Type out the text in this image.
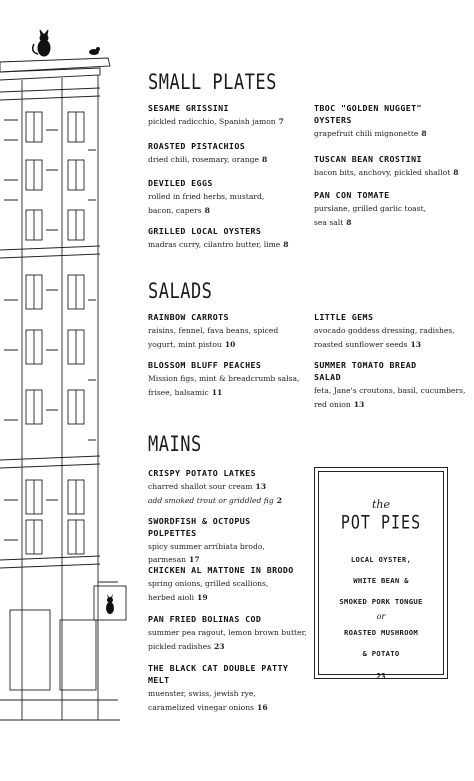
SMALL PLATES
SESAME GRISSINI
pickled radicchio, Spanish jamon 7
ROASTED PISTACHIOS
dried chili, rosemary, orange 8
DEVILED EGGS
rolled in fried herbs, mustard,
bacon, capers 8
GRILLED LOCAL OYSTERS
madras curry, cilantro butter, lime 8
TBOC "GOLDEN NUGGET"
OYSTERS
grapefruit chili mignonette 8
TUSCAN BEAN CROSTINI
bacon bits, anchovy, pickled shallot 8
PAN CON TOMATE
purslane, grilled garlic toast,
sea salt 8
SALADS
RAINBOW CARROTS
raisins, fennel, fava beans, spiced
yogurt, mint pistou 10
BLOSSOM BLUFF PEACHES
Mission figs, mint & breadcrumb salsa,
frisee, balsamic 11
LITTLE GEMS
avocado goddess dressing, radishes,
roasted sunflower seeds 13
SUMMER TOMATO BREAD
SALAD
feta, Jane's croutons, basil, cucumbers,
red onion 13
MAINS
CRISPY POTATO LATKES
charred shallot sour cream 13
add smoked trout or griddled fig 2
SWORDFISH & OCTOPUS
POLPETTES
spicy summer arribiata brodo, parmesan 17
CHICKEN AL MATTONE IN BRODO
spring onions, grilled scallions,
herbed aioli 19
PAN FRIED BOLINAS COD
summer pea ragout, lemon brown butter,
pickled radishes 23
THE BLACK CAT DOUBLE PATTY
MELT
muenster, swiss, jewish rye,
caramelized vinegar onions 16
the
POT PIES
LOCAL OYSTER,
WHITE BEAN &
SMOKED PORK TONGUE
or
ROASTED MUSHROOM
& POTATO
23
